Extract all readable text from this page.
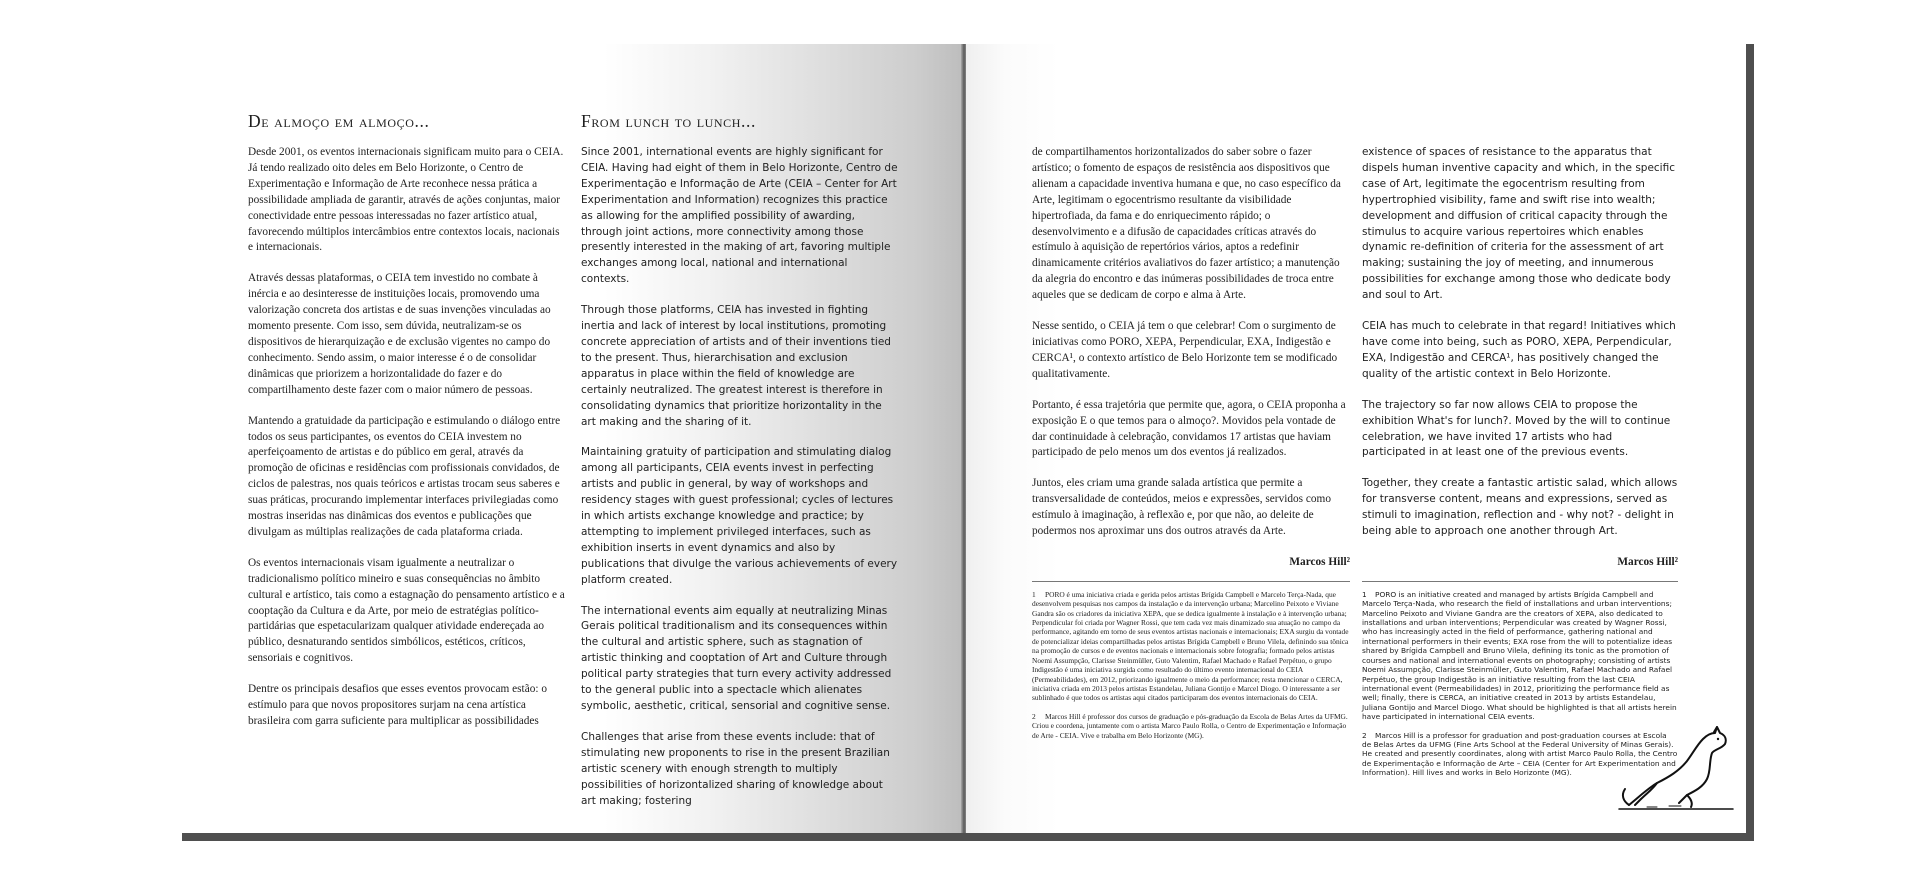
De almoço em almoço...

Desde 2001, os eventos internacionais significam muito para o CEIA. Já tendo realizado oito deles em Belo Horizonte, o Centro de Experimentação e Informação de Arte reconhece nessa prática a possibilidade ampliada de garantir, através de ações conjuntas, maior conectividade entre pessoas interessadas no fazer artístico atual, favorecendo múltiplos intercâmbios entre contextos locais, nacionais e internacionais.

Através dessas plataformas, o CEIA tem investido no combate à inércia e ao desinteresse de instituições locais, promovendo uma valorização concreta dos artistas e de suas invenções vinculadas ao momento presente. Com isso, sem dúvida, neutralizam-se os dispositivos de hierarquização e de exclusão vigentes no campo do conhecimento. Sendo assim, o maior interesse é o de consolidar dinâmicas que priorizem a horizontalidade do fazer e do compartilhamento deste fazer com o maior número de pessoas.

Mantendo a gratuidade da participação e estimulando o diálogo entre todos os seus participantes, os eventos do CEIA investem no aperfeiçoamento de artistas e do público em geral, através da promoção de oficinas e residências com profissionais convidados, de ciclos de palestras, nos quais teóricos e artistas trocam seus saberes e suas práticas, procurando implementar interfaces privilegiadas como mostras inseridas nas dinâmicas dos eventos e publicações que divulgam as múltiplas realizações de cada plataforma criada.

Os eventos internacionais visam igualmente a neutralizar o tradicionalismo político mineiro e suas consequências no âmbito cultural e artístico, tais como a estagnação do pensamento artístico e a cooptação da Cultura e da Arte, por meio de estratégias político-partidárias que espetacularizam qualquer atividade endereçada ao público, desnaturando sentidos simbólicos, estéticos, críticos, sensoriais e cognitivos.

Dentre os principais desafios que esses eventos provocam estão: o estímulo para que novos propositores surjam na cena artística brasileira com garra suficiente para multiplicar as possibilidades

From lunch to lunch...

Since 2001, international events are highly significant for CEIA. Having had eight of them in Belo Horizonte, Centro de Experimentação e Informação de Arte (CEIA – Center for Art Experimentation and Information) recognizes this practice as allowing for the amplified possibility of awarding, through joint actions, more connectivity among those presently interested in the making of art, favoring multiple exchanges among local, national and international contexts.

Through those platforms, CEIA has invested in fighting inertia and lack of interest by local institutions, promoting concrete appreciation of artists and of their inventions tied to the present. Thus, hierarchisation and exclusion apparatus in place within the field of knowledge are certainly neutralized. The greatest interest is therefore in consolidating dynamics that prioritize horizontality in the art making and the sharing of it.

Maintaining gratuity of participation and stimulating dialog among all participants, CEIA events invest in perfecting artists and public in general, by way of workshops and residency stages with guest professional; cycles of lectures in which artists exchange knowledge and practice; by attempting to implement privileged interfaces, such as exhibition inserts in event dynamics and also by publications that divulge the various achievements of every platform created.

The international events aim equally at neutralizing Minas Gerais political traditionalism and its consequences within the cultural and artistic sphere, such as stagnation of artistic thinking and cooptation of Art and Culture through political party strategies that turn every activity addressed to the general public into a spectacle which alienates symbolic, aesthetic, critical, sensorial and cognitive sense.

Challenges that arise from these events include: that of stimulating new proponents to rise in the present Brazilian artistic scenery with enough strength to multiply possibilities of horizontalized sharing of knowledge about art making; fostering

de compartilhamentos horizontalizados do saber sobre o fazer artístico; o fomento de espaços de resistência aos dispositivos que alienam a capacidade inventiva humana e que, no caso específico da Arte, legitimam o egocentrismo resultante da visibilidade hipertrofiada, da fama e do enriquecimento rápido; o desenvolvimento e a difusão de capacidades críticas através do estímulo à aquisição de repertórios vários, aptos a redefinir dinamicamente critérios avaliativos do fazer artístico; a manutenção da alegria do encontro e das inúmeras possibilidades de troca entre aqueles que se dedicam de corpo e alma à Arte.

Nesse sentido, o CEIA já tem o que celebrar! Com o surgimento de iniciativas como PORO, XEPA, Perpendicular, EXA, Indigestão e CERCA¹, o contexto artístico de Belo Horizonte tem se modificado qualitativamente.

Portanto, é essa trajetória que permite que, agora, o CEIA proponha a exposição E o que temos para o almoço?. Movidos pela vontade de dar continuidade à celebração, convidamos 17 artistas que haviam participado de pelo menos um dos eventos já realizados.

Juntos, eles criam uma grande salada artística que permite a transversalidade de conteúdos, meios e expressões, servidos como estímulo à imaginação, à reflexão e, por que não, ao deleite de podermos nos aproximar uns dos outros através da Arte.

Marcos Hill²

1 PORO é uma iniciativa criada e gerida pelos artistas Brígida Campbell e Marcelo Terça-Nada, que desenvolvem pesquisas nos campos da instalação e da intervenção urbana; Marcelino Peixoto e Viviane Gandra são os criadores da iniciativa XEPA, que se dedica igualmente à instalação e à intervenção urbana; Perpendicular foi criada por Wagner Rossi, que tem cada vez mais dinamizado sua atuação no campo da performance, agitando em torno de seus eventos artistas nacionais e internacionais; EXA surgiu da vontade de potencializar ideias compartilhadas pelos artistas Brígida Campbell e Bruno Vilela, definindo sua tônica na promoção de cursos e de eventos nacionais e internacionais sobre fotografia; formado pelos artistas Noemi Assumpção, Clarisse Steinmüller, Guto Valentim, Rafael Machado e Rafael Perpétuo, o grupo Indigestão é uma iniciativa surgida como resultado do último evento internacional do CEIA (Permeabilidades), em 2012, priorizando igualmente o meio da performance; resta mencionar o CERCA, iniciativa criada em 2013 pelos artistas Estandelau, Juliana Gontijo e Marcel Diogo. O interessante a ser sublinhado é que todos os artistas aqui citados participaram dos eventos internacionais do CEIA.

2 Marcos Hill é professor dos cursos de graduação e pós-graduação da Escola de Belas Artes da UFMG. Criou e coordena, juntamente com o artista Marco Paulo Rolla, o Centro de Experimentação e Informação de Arte - CEIA. Vive e trabalha em Belo Horizonte (MG).

existence of spaces of resistance to the apparatus that dispels human inventive capacity and which, in the specific case of Art, legitimate the egocentrism resulting from hypertrophied visibility, fame and swift rise into wealth; development and diffusion of critical capacity through the stimulus to acquire various repertoires which enables dynamic re-definition of criteria for the assessment of art making; sustaining the joy of meeting, and innumerous possibilities for exchange among those who dedicate body and soul to Art.

CEIA has much to celebrate in that regard! Initiatives which have come into being, such as PORO, XEPA, Perpendicular, EXA, Indigestão and CERCA¹, has positively changed the quality of the artistic context in Belo Horizonte.

The trajectory so far now allows CEIA to propose the exhibition What's for lunch?. Moved by the will to continue celebration, we have invited 17 artists who had participated in at least one of the previous events.

Together, they create a fantastic artistic salad, which allows for transverse content, means and expressions, served as stimuli to imagination, reflection and - why not? - delight in being able to approach one another through Art.

Marcos Hill²

1 PORO is an initiative created and managed by artists Brígida Campbell and Marcelo Terça-Nada, who research the field of installations and urban interventions; Marcelino Peixoto and Viviane Gandra are the creators of XEPA, also dedicated to installations and urban interventions; Perpendicular was created by Wagner Rossi, who has increasingly acted in the field of performance, gathering national and international performers in their events; EXA rose from the will to potentialize ideas shared by Brígida Campbell and Bruno Vilela, defining its tonic as the promotion of courses and national and international events on photography; consisting of artists Noemi Assumpção, Clarisse Steinmüller, Guto Valentim, Rafael Machado and Rafael Perpétuo, the group Indigestão is an initiative resulting from the last CEIA international event (Permeabilidades) in 2012, prioritizing the performance field as well; finally, there is CERCA, an initiative created in 2013 by artists Estandelau, Juliana Gontijo and Marcel Diogo. What should be highlighted is that all artists herein have participated in international CEIA events.

2 Marcos Hill is a professor for graduation and post-graduation courses at Escola de Belas Artes da UFMG (Fine Arts School at the Federal University of Minas Gerais). He created and presently coordinates, along with artist Marco Paulo Rolla, the Centro de Experimentação e Informação de Arte – CEIA (Center for Art Experimentation and Information). Hill lives and works in Belo Horizonte (MG).
